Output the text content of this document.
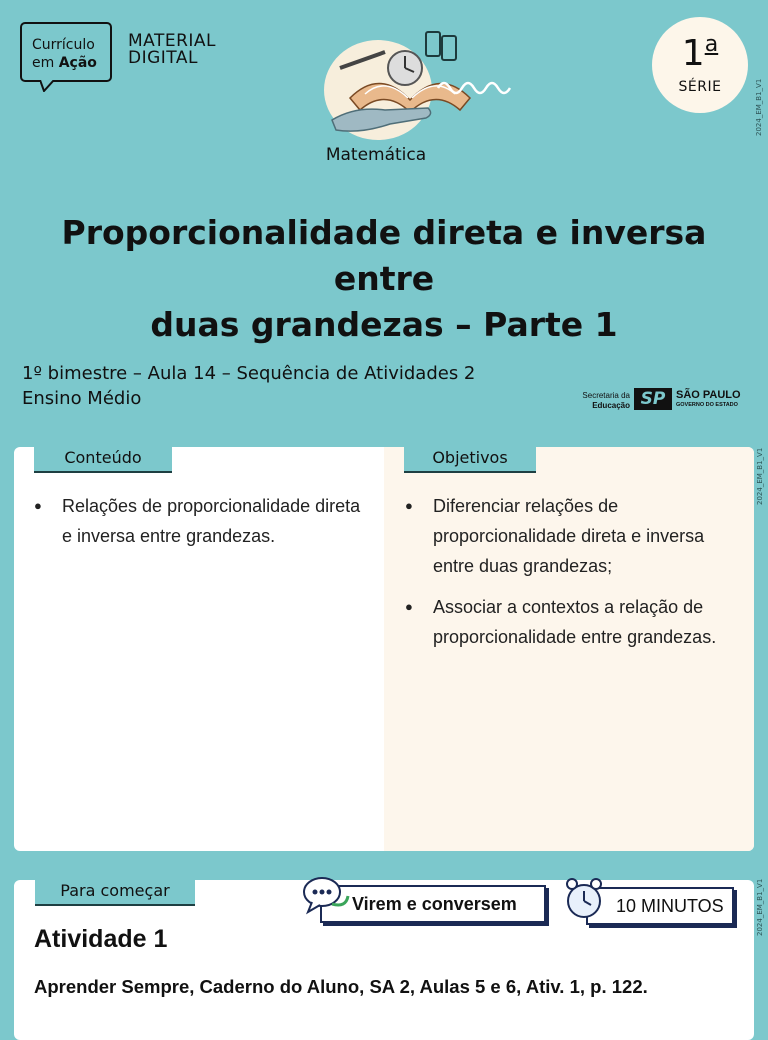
Currículo
em Ação
MATERIAL
DIGITAL
Matemática
1$^a$
SÉRIE	2024_EM_B1_V1
2024_EM_B1_V1
2024_EM_B1_V1
Proporcionalidade direta e inversa entre
duas grandezas – Parte 1
1º bimestre – Aula 14 – Sequência de Atividades 2
Ensino Médio	Secretaria da
Educação SP SÃO PAULO
GOVERNO DO ESTADO
Conteúdo	Objetivos
● Relações de proporcionalidade direta e inversa entre grandezas.
● Diferenciar relações de proporcionalidade direta e inversa entre duas grandezas;
● Associar a contextos a relação de proporcionalidade entre grandezas.
Para começar
Virem e conversem	10 MINUTOS
Atividade 1
Aprender Sempre, Caderno do Aluno, SA 2, Aulas 5 e 6, Ativ. 1, p. 122.
